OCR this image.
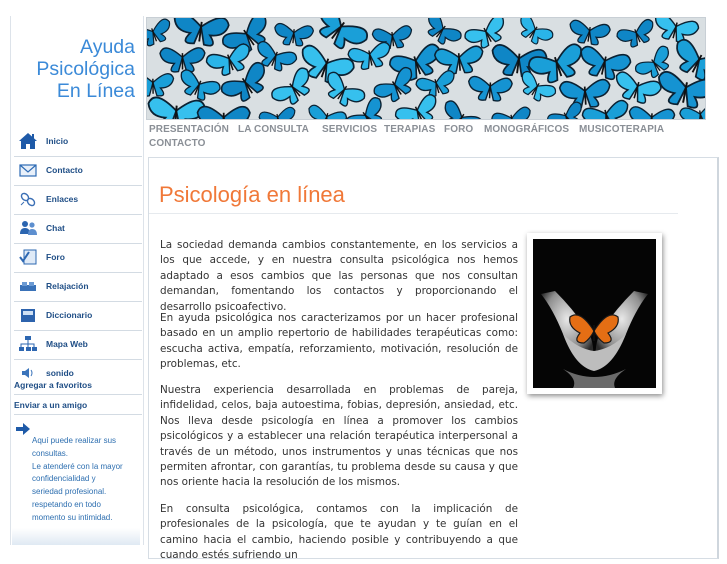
Ayuda
Psicológica
En Línea
Inicio
Contacto
Enlaces
Chat
Foro
Relajación
Diccionario
Mapa Web
sonido
Agregar a favoritos
Enviar a un amigo
Aquí puede realizar sus
consultas.
Le atenderé con la mayor
confidencialidad y
seriedad profesional.
respetando en todo
momento su intimidad.
PRESENTACIÓN LA CONSULTA SERVICIOS TERAPIAS FORO MONOGRÁFICOS MUSICOTERAPIA
CONTACTO
Psicología en línea

La sociedad demanda cambios constantemente, en los servicios a los que accede, y en nuestra consulta psicológica nos hemos adaptado a esos cambios que las personas que nos consultan demandan, fomentando los contactos y proporcionando el desarrollo psicoafectivo.

En ayuda psicológica nos caracterizamos por un hacer profesional basado en un amplio repertorio de habilidades terapéuticas como: escucha activa, empatía, reforzamiento, motivación, resolución de problemas, etc.

Nuestra experiencia desarrollada en problemas de pareja, infidelidad, celos, baja autoestima, fobias, depresión, ansiedad, etc. Nos lleva desde psicología en línea a promover los cambios psicológicos y a establecer una relación terapéutica interpersonal a través de un método, unos instrumentos y unas técnicas que nos permiten afrontar, con garantías, tu problema desde su causa y que nos oriente hacia la resolución de los mismos.

En consulta psicológica, contamos con la implicación de profesionales de la psicología, que te ayudan y te guían en el camino hacia el cambio, haciendo posible y contribuyendo a que cuando estés sufriendo un
